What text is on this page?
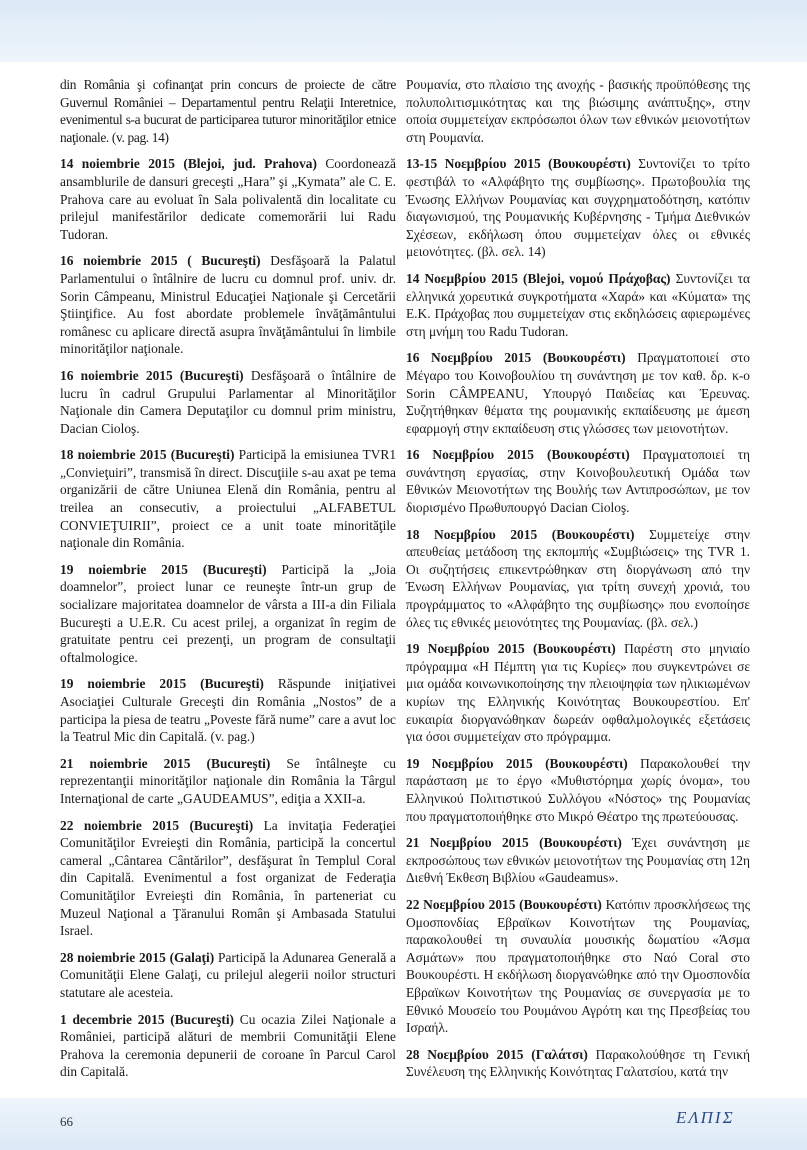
din România şi cofinanţat prin concurs de proiecte de către Guvernul României – Departamentul pentru Relaţii Interetnice, evenimentul s-a bucurat de participarea tuturor minorităţilor etnice naţionale. (v. pag. 14)

14 noiembrie 2015 (Blejoi, jud. Prahova) Coordonează ansamblurile de dansuri greceşti „Hara” şi „Kymata” ale C. E. Prahova care au evoluat în Sala polivalentă din localitate cu prilejul manifestărilor dedicate comemorării lui Radu Tudoran.

16 noiembrie 2015 ( Bucureşti) Desfăşoară la Palatul Parlamentului o întâlnire de lucru cu domnul prof. univ. dr. Sorin Câmpeanu, Ministrul Educaţiei Naţionale şi Cercetării Ştiinţifice. Au fost abordate problemele învăţământului românesc cu aplicare directă asupra învăţământului în limbile minorităţilor naţionale.

16 noiembrie 2015 (Bucureşti) Desfăşoară o întâlnire de lucru în cadrul Grupului Parlamentar al Minorităţilor Naţionale din Camera Deputaţilor cu domnul prim ministru, Dacian Cioloş.

18 noiembrie 2015 (Bucureşti) Participă la emisiunea TVR1 „Convieţuiri”, transmisă în direct. Discuţiile s-au axat pe tema organizării de către Uniunea Elenă din România, pentru al treilea an consecutiv, a proiectului „ALFABETUL CONVIEŢUIRII”, proiect ce a unit toate minorităţile naţionale din România.

19 noiembrie 2015 (Bucureşti) Participă la „Joia doamnelor”, proiect lunar ce reuneşte într-un grup de socializare majoritatea doamnelor de vârsta a III-a din Filiala Bucureşti a U.E.R. Cu acest prilej, a organizat în regim de gratuitate pentru cei prezenţi, un program de consultaţii oftalmologice.

19 noiembrie 2015 (Bucureşti) Răspunde iniţiativei Asociaţiei Culturale Greceşti din România „Nostos” de a participa la piesa de teatru „Poveste fără nume” care a avut loc la Teatrul Mic din Capitală. (v. pag.)

21 noiembrie 2015 (Bucureşti) Se întâlneşte cu reprezentanţii minorităţilor naţionale din România la Târgul Internaţional de carte „GAUDEAMUS”, ediţia a XXII-a.

22 noiembrie 2015 (Bucureşti) La invitaţia Federaţiei Comunităţilor Evreieşti din România, participă la concertul cameral „Cântarea Cântărilor”, desfăşurat în Templul Coral din Capitală. Evenimentul a fost organizat de Federaţia Comunităţilor Evreieşti din România, în parteneriat cu Muzeul Naţional a Ţăranului Român şi Ambasada Statului Israel.

28 noiembrie 2015 (Galaţi) Participă la Adunarea Generală a Comunităţii Elene Galaţi, cu prilejul alegerii noilor structuri statutare ale acesteia.

1 decembrie 2015 (Bucureşti) Cu ocazia Zilei Naţionale a României, participă alături de membrii Comunităţii Elene Prahova la ceremonia depunerii de coroane în Parcul Carol din Capitală.

Ρουμανία, στο πλαίσιο της ανοχής - βασικής προϋπόθεσης της πολυπολιτισμικότητας και της βιώσιμης ανάπτυξης», στην οποία συμμετείχαν εκπρόσωποι όλων των εθνικών μειονοτήτων στη Ρουμανία.

13-15 Νοεμβρίου 2015 (Βουκουρέστι) Συντονίζει το τρίτο φεστιβάλ το «Αλφάβητο της συμβίωσης». Πρωτοβουλία της Ένωσης Ελλήνων Ρουμανίας και συγχρηματοδότηση, κατόπιν διαγωνισμού, της Ρουμανικής Κυβέρνησης - Τμήμα Διεθνικών Σχέσεων, εκδήλωση όπου συμμετείχαν όλες οι εθνικές μειονότητες. (βλ. σελ. 14)

14 Νοεμβρίου 2015 (Blejoi, νομού Πράχοβας) Συντονίζει τα ελληνικά χορευτικά συγκροτήματα «Χαρά» και «Κύματα» της Ε.Κ. Πράχοβας που συμμετείχαν στις εκδηλώσεις αφιερωμένες στη μνήμη του Radu Tudoran.

16 Νοεμβρίου 2015 (Βουκουρέστι) Πραγματοποιεί στο Μέγαρο του Κοινοβουλίου τη συνάντηση με τον καθ. δρ. κ-ο Sorin CÂMPEANU, Υπουργό Παιδείας και Έρευνας. Συζητήθηκαν θέματα της ρουμανικής εκπαίδευσης με άμεση εφαρμογή στην εκπαίδευση στις γλώσσες των μειονοτήτων.

16 Νοεμβρίου 2015 (Βουκουρέστι) Πραγματοποιεί τη συνάντηση εργασίας, στην Κοινοβουλευτική Ομάδα των Εθνικών Μειονοτήτων της Βουλής των Αντιπροσώπων, με τον διορισμένο Πρωθυπουργό Dacian Cioloş.

18 Νοεμβρίου 2015 (Βουκουρέστι) Συμμετείχε στην απευθείας μετάδοση της εκπομπής «Συμβιώσεις» της TVR 1. Οι συζητήσεις επικεντρώθηκαν στη διοργάνωση από την Ένωση Ελλήνων Ρουμανίας, για τρίτη συνεχή χρονιά, του προγράμματος το «Αλφάβητο της συμβίωσης» που ενοποίησε όλες τις εθνικές μειονότητες της Ρουμανίας. (βλ. σελ.)

19 Νοεμβρίου 2015 (Βουκουρέστι) Παρέστη στο μηνιαίο πρόγραμμα «Η Πέμπτη για τις Κυρίες» που συγκεντρώνει σε μια ομάδα κοινωνικοποίησης την πλειοψηφία των ηλικιωμένων κυρίων της Ελληνικής Κοινότητας Βουκουρεστίου. Επ' ευκαιρία διοργανώθηκαν δωρεάν οφθαλμολογικές εξετάσεις για όσοι συμμετείχαν στο πρόγραμμα.

19 Νοεμβρίου 2015 (Βουκουρέστι) Παρακολουθεί την παράσταση με το έργο «Μυθιστόρημα χωρίς όνομα», του Ελληνικού Πολιτιστικού Συλλόγου «Νόστος» της Ρουμανίας που πραγματοποιήθηκε στο Μικρό Θέατρο της πρωτεύουσας.

21 Νοεμβρίου 2015 (Βουκουρέστι) Έχει συνάντηση με εκπροσώπους των εθνικών μειονοτήτων της Ρουμανίας στη 12η Διεθνή Έκθεση Βιβλίου «Gaudeamus».

22 Νοεμβρίου 2015 (Βουκουρέστι) Κατόπιν προσκλήσεως της Ομοσπονδίας Εβραϊκων Κοινοτήτων της Ρουμανίας, παρακολουθεί τη συναυλία μουσικής δωματίου «Άσμα Ασμάτων» που πραγματοποιήθηκε στο Ναό Coral στο Βουκουρέστι. Η εκδήλωση διοργανώθηκε από την Ομοσπονδία Εβραϊκων Κοινοτήτων της Ρουμανίας σε συνεργασία με το Εθνικό Μουσείο του Ρουμάνου Αγρότη και της Πρεσβείας του Ισραήλ.

28 Νοεμβρίου 2015 (Γαλάτσι) Παρακολούθησε τη Γενική Συνέλευση της Ελληνικής Κοινότητας Γαλατσίου, κατά την

66	ΕΛΠΙΣ
